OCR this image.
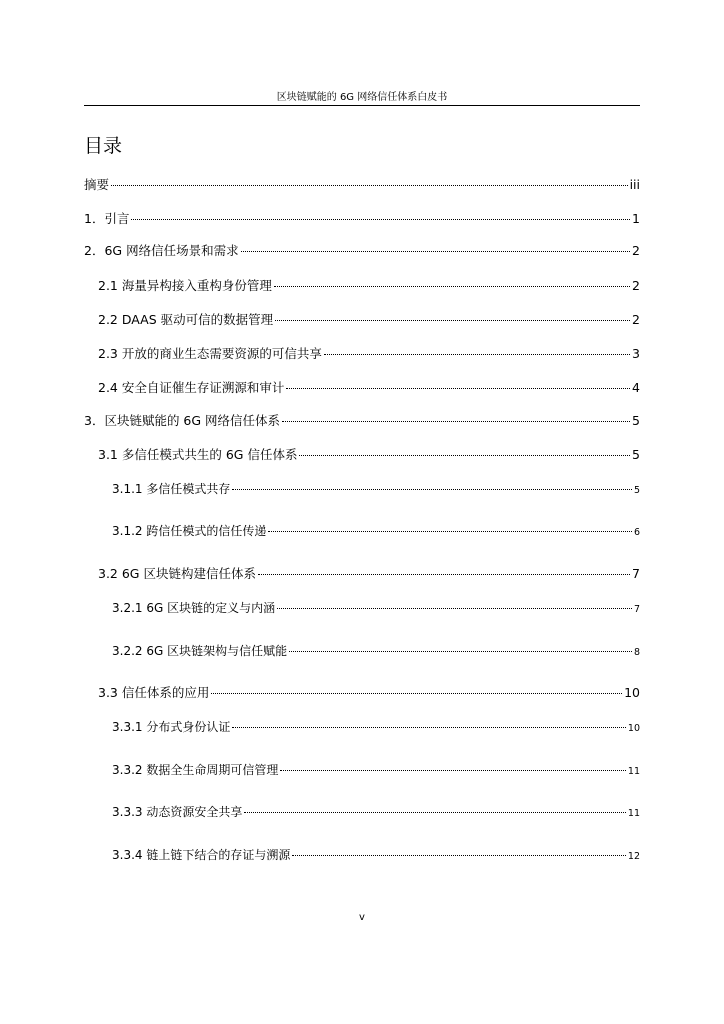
区块链赋能的 6G 网络信任体系白皮书
目录
摘要	iii
1．引言	1
2．6G 网络信任场景和需求	2
2.1 海量异构接入重构身份管理	2
2.2 DAAS 驱动可信的数据管理	2
2.3 开放的商业生态需要资源的可信共享	3
2.4 安全自证催生存证溯源和审计	4
3．区块链赋能的 6G 网络信任体系	5
3.1 多信任模式共生的 6G 信任体系	5
3.1.1 多信任模式共存	5
3.1.2 跨信任模式的信任传递	6
3.2 6G 区块链构建信任体系	7
3.2.1 6G 区块链的定义与内涵	7
3.2.2 6G 区块链架构与信任赋能	8
3.3 信任体系的应用	10
3.3.1 分布式身份认证	10
3.3.2 数据全生命周期可信管理	11
3.3.3 动态资源安全共享	11
3.3.4 链上链下结合的存证与溯源	12
v
